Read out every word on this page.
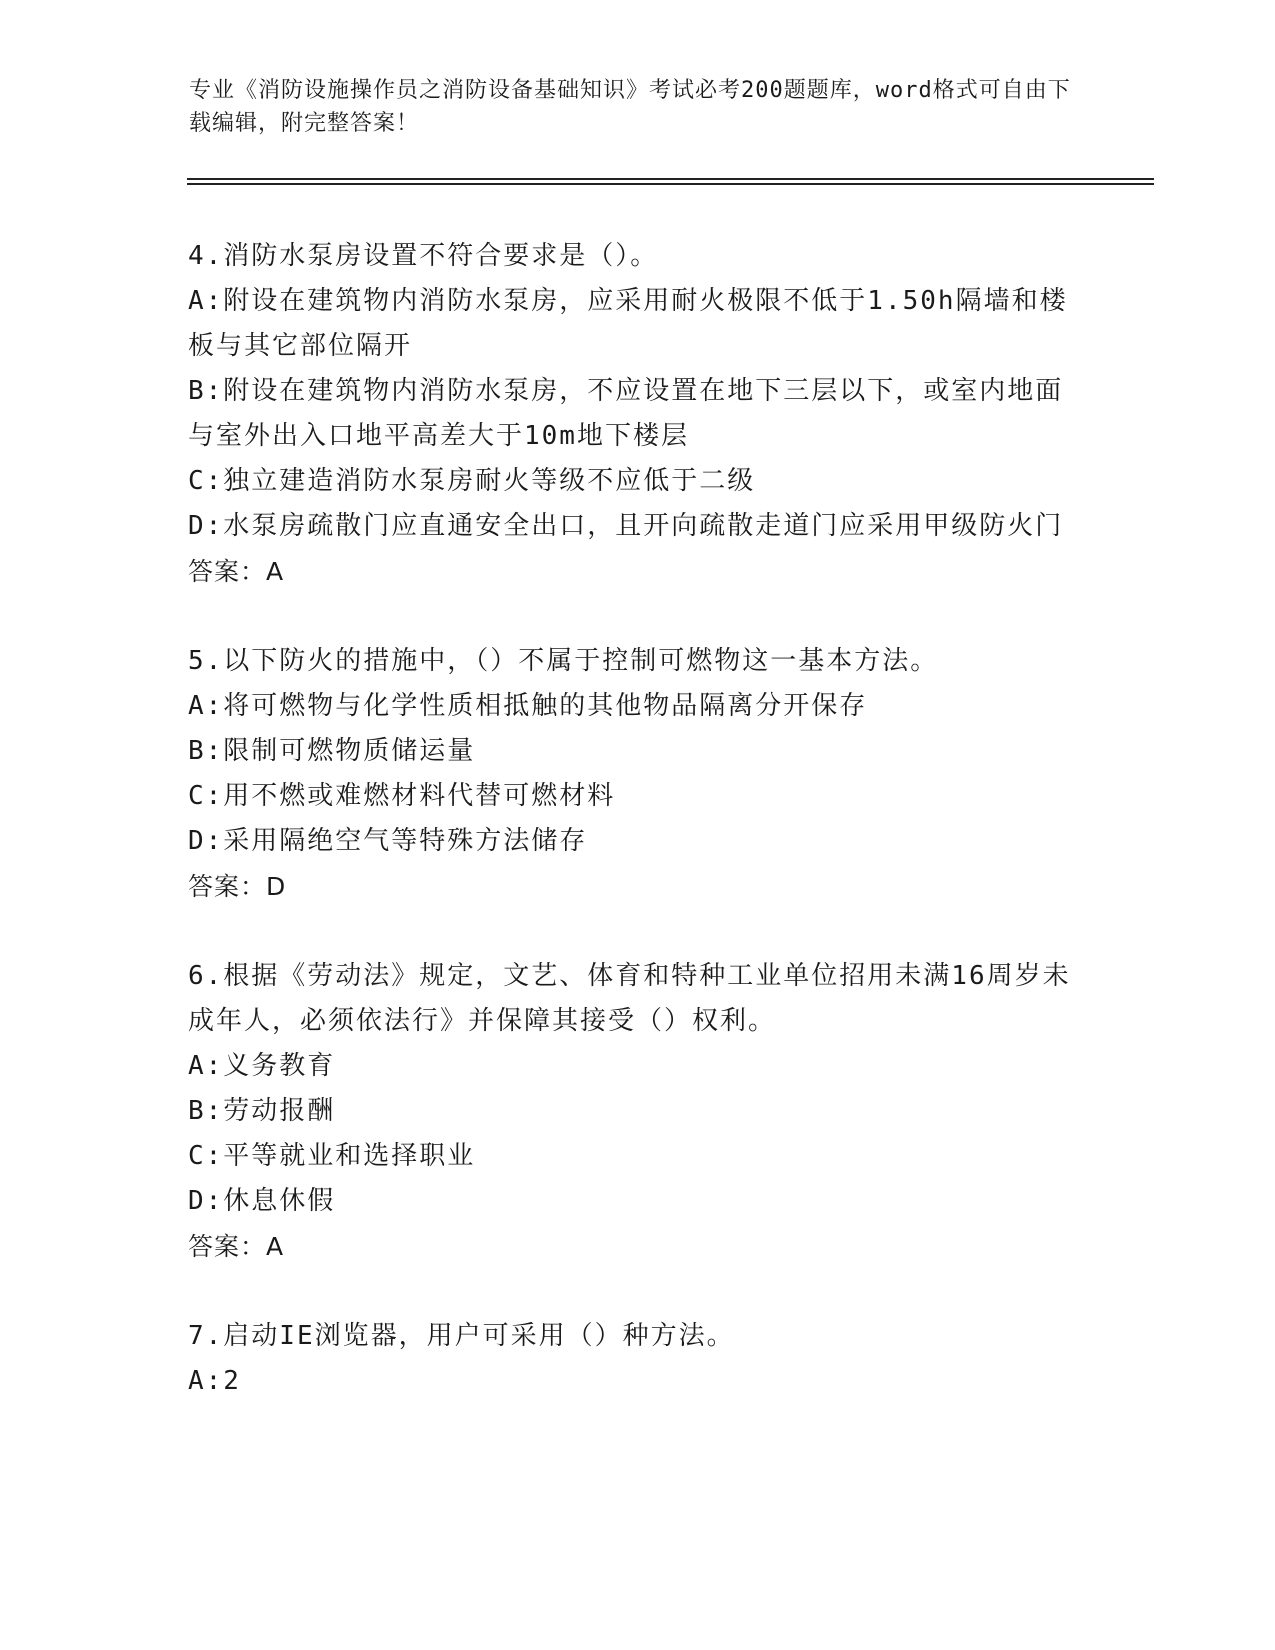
专业《消防设施操作员之消防设备基础知识》考试必考200题题库，word格式可自由下载编辑，附完整答案！
4.消防水泵房设置不符合要求是（）。
A:附设在建筑物内消防水泵房，应采用耐火极限不低于1.50h隔墙和楼板与其它部位隔开
B:附设在建筑物内消防水泵房，不应设置在地下三层以下，或室内地面与室外出入口地平高差大于10m地下楼层
C:独立建造消防水泵房耐火等级不应低于二级
D:水泵房疏散门应直通安全出口，且开向疏散走道门应采用甲级防火门
答案：A
5.以下防火的措施中，（）不属于控制可燃物这一基本方法。
A:将可燃物与化学性质相抵触的其他物品隔离分开保存
B:限制可燃物质储运量
C:用不燃或难燃材料代替可燃材料
D:采用隔绝空气等特殊方法储存
答案：D
6.根据《劳动法》规定，文艺、体育和特种工业单位招用未满16周岁未成年人，必须依法行》并保障其接受（）权利。
A:义务教育
B:劳动报酬
C:平等就业和选择职业
D:休息休假
答案：A
7.启动IE浏览器，用户可采用（）种方法。
A:2
